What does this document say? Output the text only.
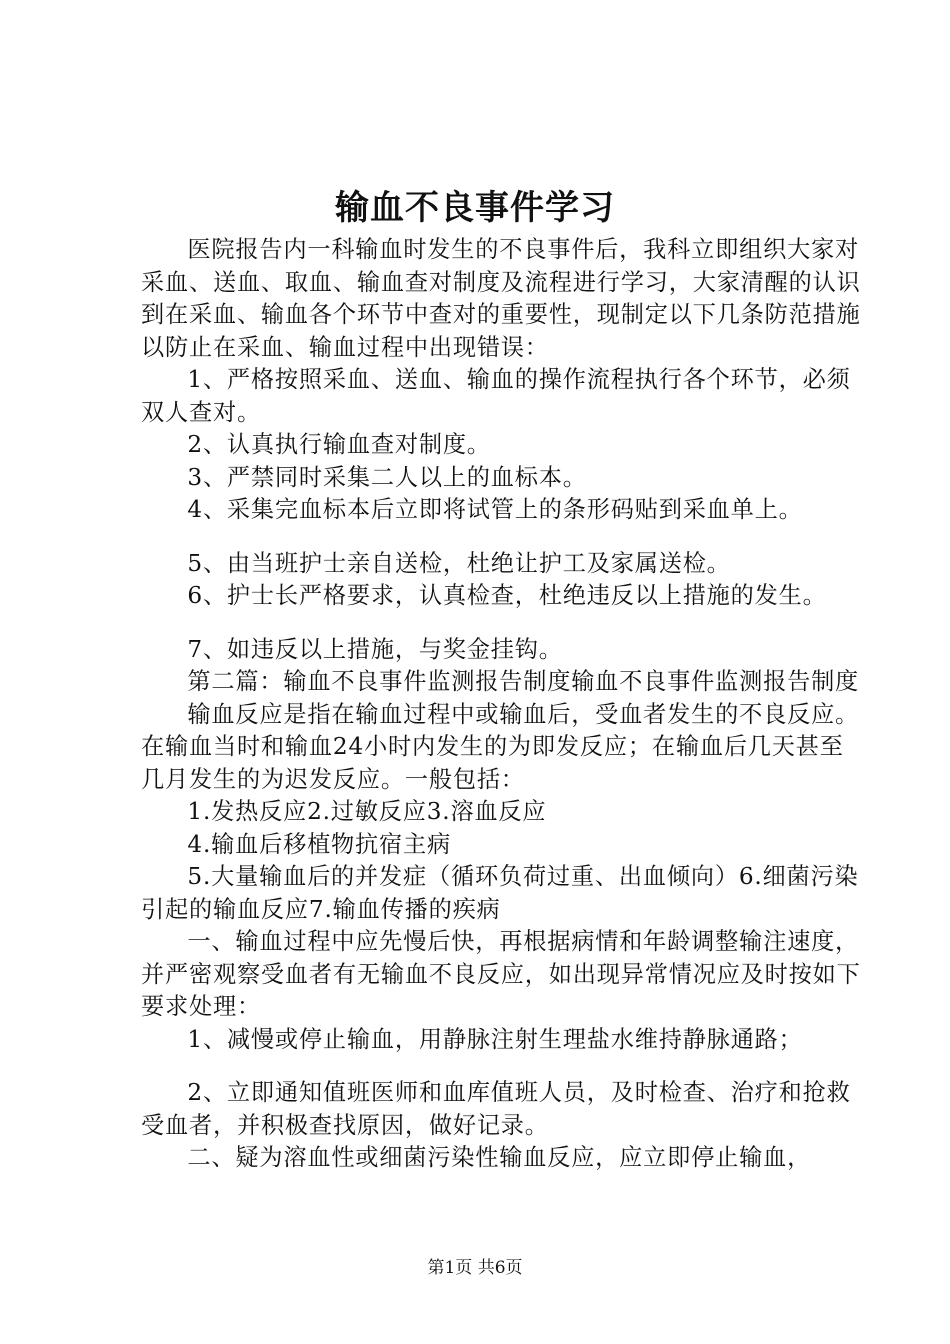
输血不良事件学习

医院报告内一科输血时发生的不良事件后，我科立即组织大家对采血、送血、取血、输血查对制度及流程进行学习，大家清醒的认识到在采血、输血各个环节中查对的重要性，现制定以下几条防范措施以防止在采血、输血过程中出现错误：

1、严格按照采血、送血、输血的操作流程执行各个环节，必须双人查对。

2、认真执行输血查对制度。

3、严禁同时采集二人以上的血标本。

4、采集完血标本后立即将试管上的条形码贴到采血单上。

5、由当班护士亲自送检，杜绝让护工及家属送检。

6、护士长严格要求，认真检查，杜绝违反以上措施的发生。

7、如违反以上措施，与奖金挂钩。

第二篇：输血不良事件监测报告制度输血不良事件监测报告制度

输血反应是指在输血过程中或输血后，受血者发生的不良反应。在输血当时和输血24小时内发生的为即发反应；在输血后几天甚至几月发生的为迟发反应。一般包括：

1.发热反应2.过敏反应3.溶血反应

4.输血后移植物抗宿主病

5.大量输血后的并发症（循环负荷过重、出血倾向）6.细菌污染引起的输血反应7.输血传播的疾病

一、输血过程中应先慢后快，再根据病情和年龄调整输注速度，并严密观察受血者有无输血不良反应，如出现异常情况应及时按如下要求处理：

1、减慢或停止输血，用静脉注射生理盐水维持静脉通路；

2、立即通知值班医师和血库值班人员，及时检查、治疗和抢救受血者，并积极查找原因，做好记录。

二、疑为溶血性或细菌污染性输血反应，应立即停止输血，

第1页 共6页
